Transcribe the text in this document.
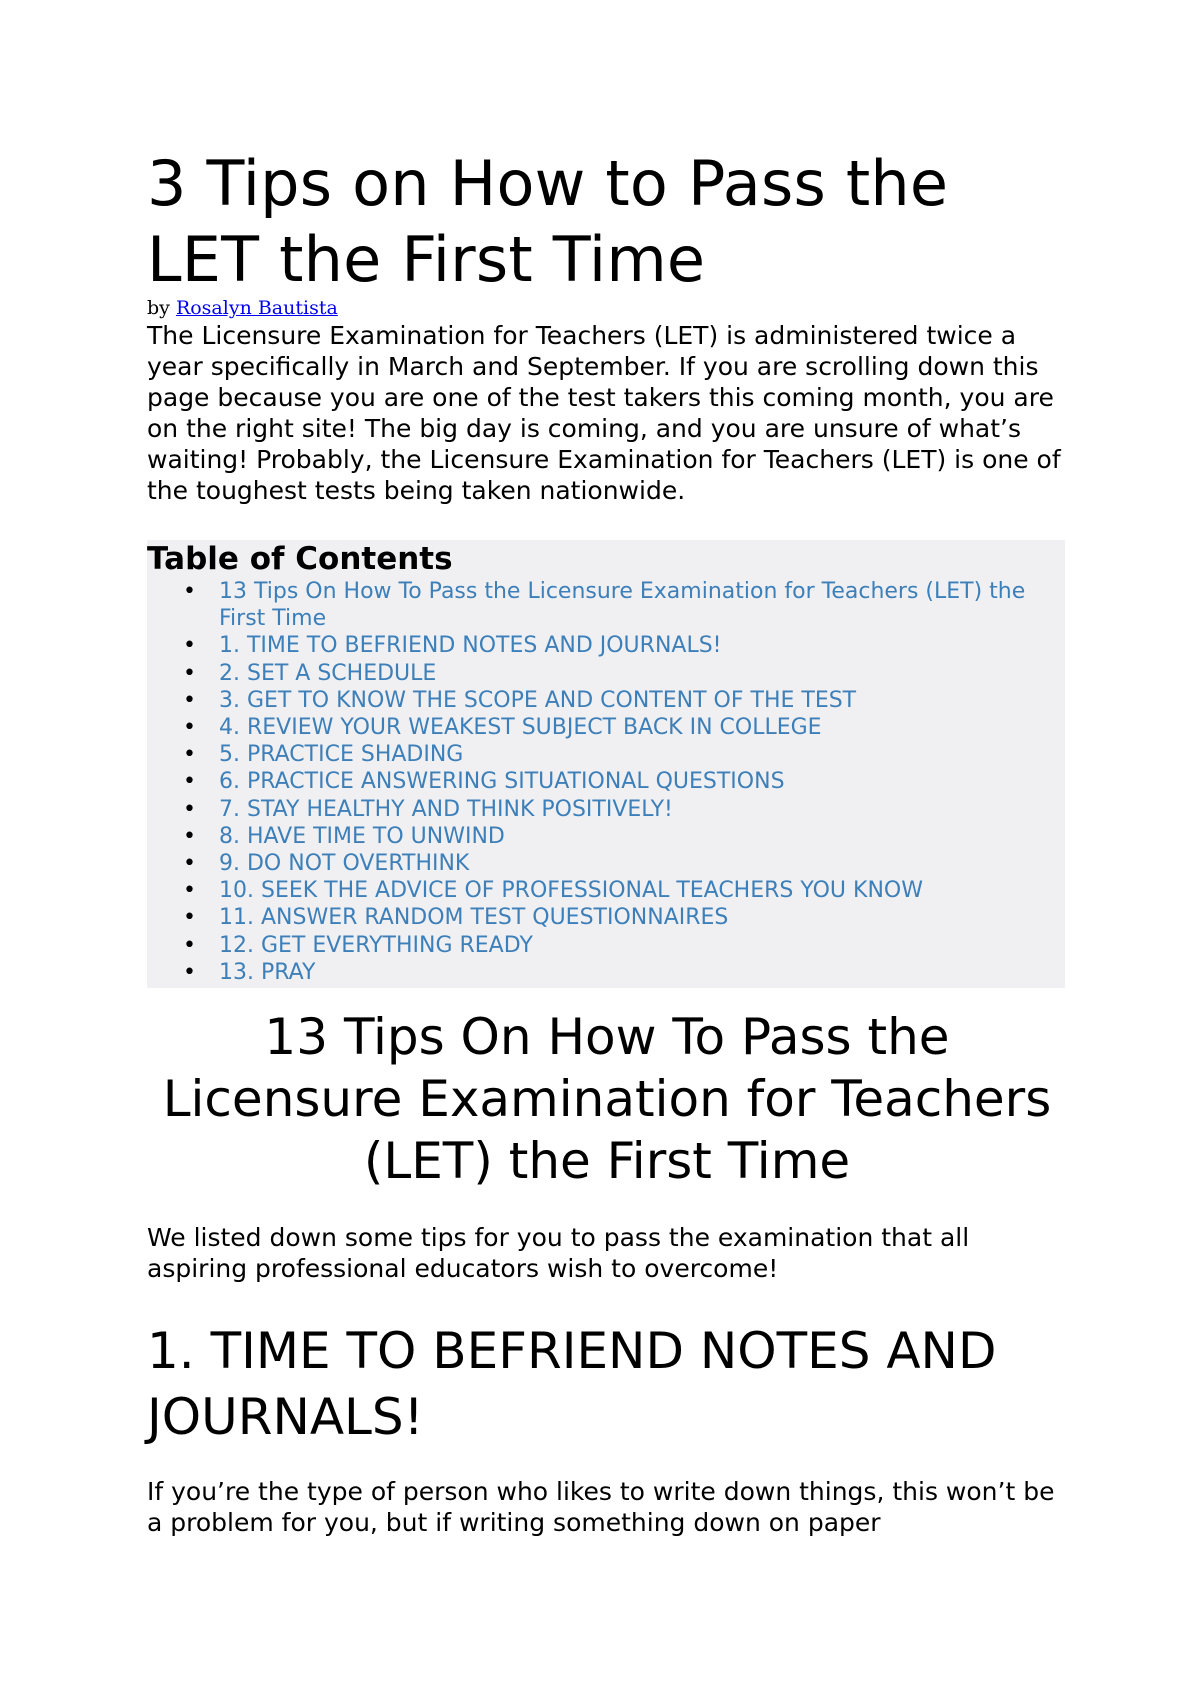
3 Tips on How to Pass the LET the First Time

by Rosalyn Bautista

The Licensure Examination for Teachers (LET) is administered twice a year specifically in March and September. If you are scrolling down this page because you are one of the test takers this coming month, you are on the right site! The big day is coming, and you are unsure of what’s waiting! Probably, the Licensure Examination for Teachers (LET) is one of the toughest tests being taken nationwide.

Table of Contents
• 13 Tips On How To Pass the Licensure Examination for Teachers (LET) the First Time
• 1. TIME TO BEFRIEND NOTES AND JOURNALS!
• 2. SET A SCHEDULE
• 3. GET TO KNOW THE SCOPE AND CONTENT OF THE TEST
• 4. REVIEW YOUR WEAKEST SUBJECT BACK IN COLLEGE
• 5. PRACTICE SHADING
• 6. PRACTICE ANSWERING SITUATIONAL QUESTIONS
• 7. STAY HEALTHY AND THINK POSITIVELY!
• 8. HAVE TIME TO UNWIND
• 9. DO NOT OVERTHINK
• 10. SEEK THE ADVICE OF PROFESSIONAL TEACHERS YOU KNOW
• 11. ANSWER RANDOM TEST QUESTIONNAIRES
• 12. GET EVERYTHING READY
• 13. PRAY
13 Tips On How To Pass the Licensure Examination for Teachers (LET) the First Time

We listed down some tips for you to pass the examination that all aspiring professional educators wish to overcome!

1. TIME TO BEFRIEND NOTES AND JOURNALS!

If you’re the type of person who likes to write down things, this won’t be a problem for you, but if writing something down on paper
